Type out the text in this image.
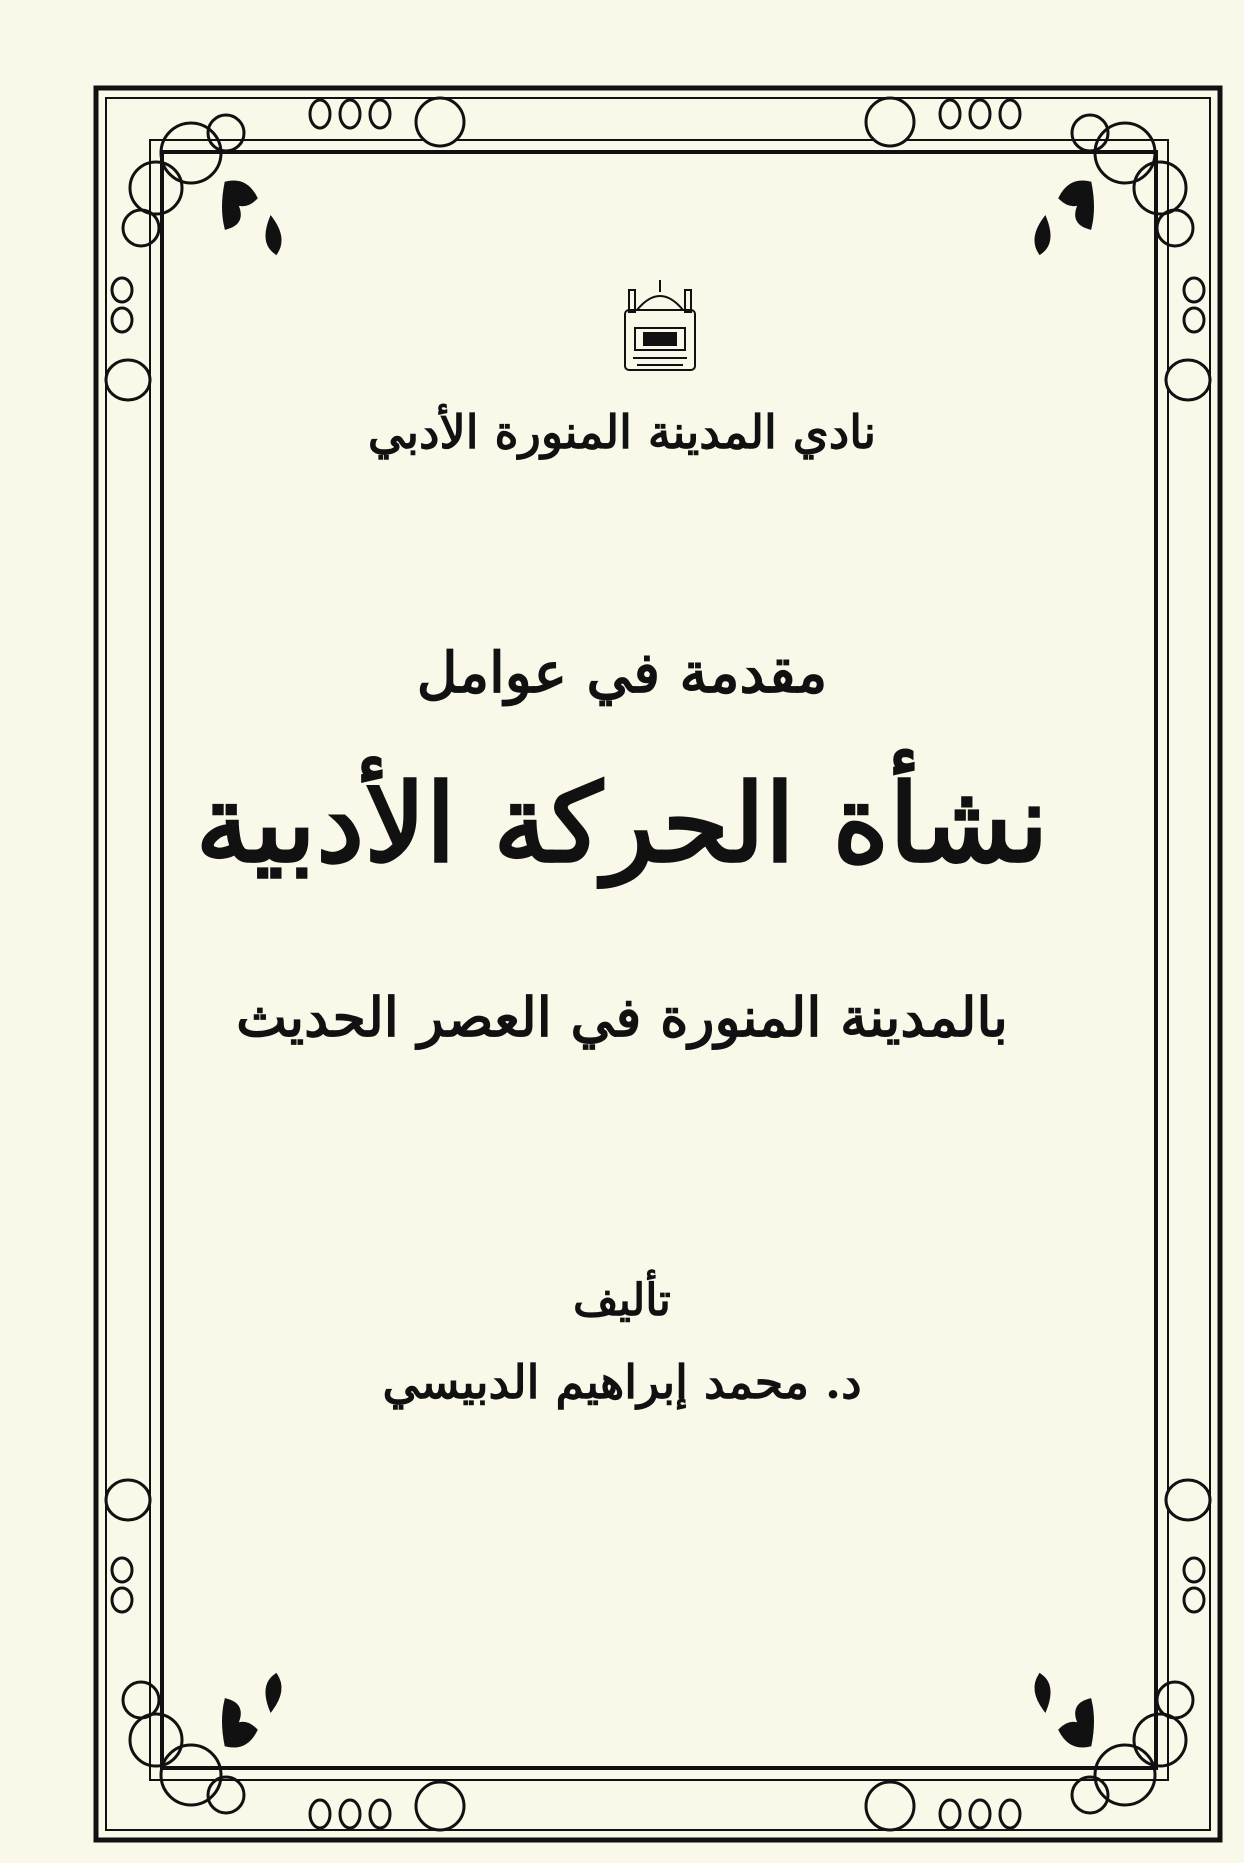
نادي المدينة المنورة الأدبي
مقدمة في عوامل
نشأة الحركة الأدبية
بالمدينة المنورة في العصر الحديث
تأليف
د. محمد إبراهيم الدبيسي
